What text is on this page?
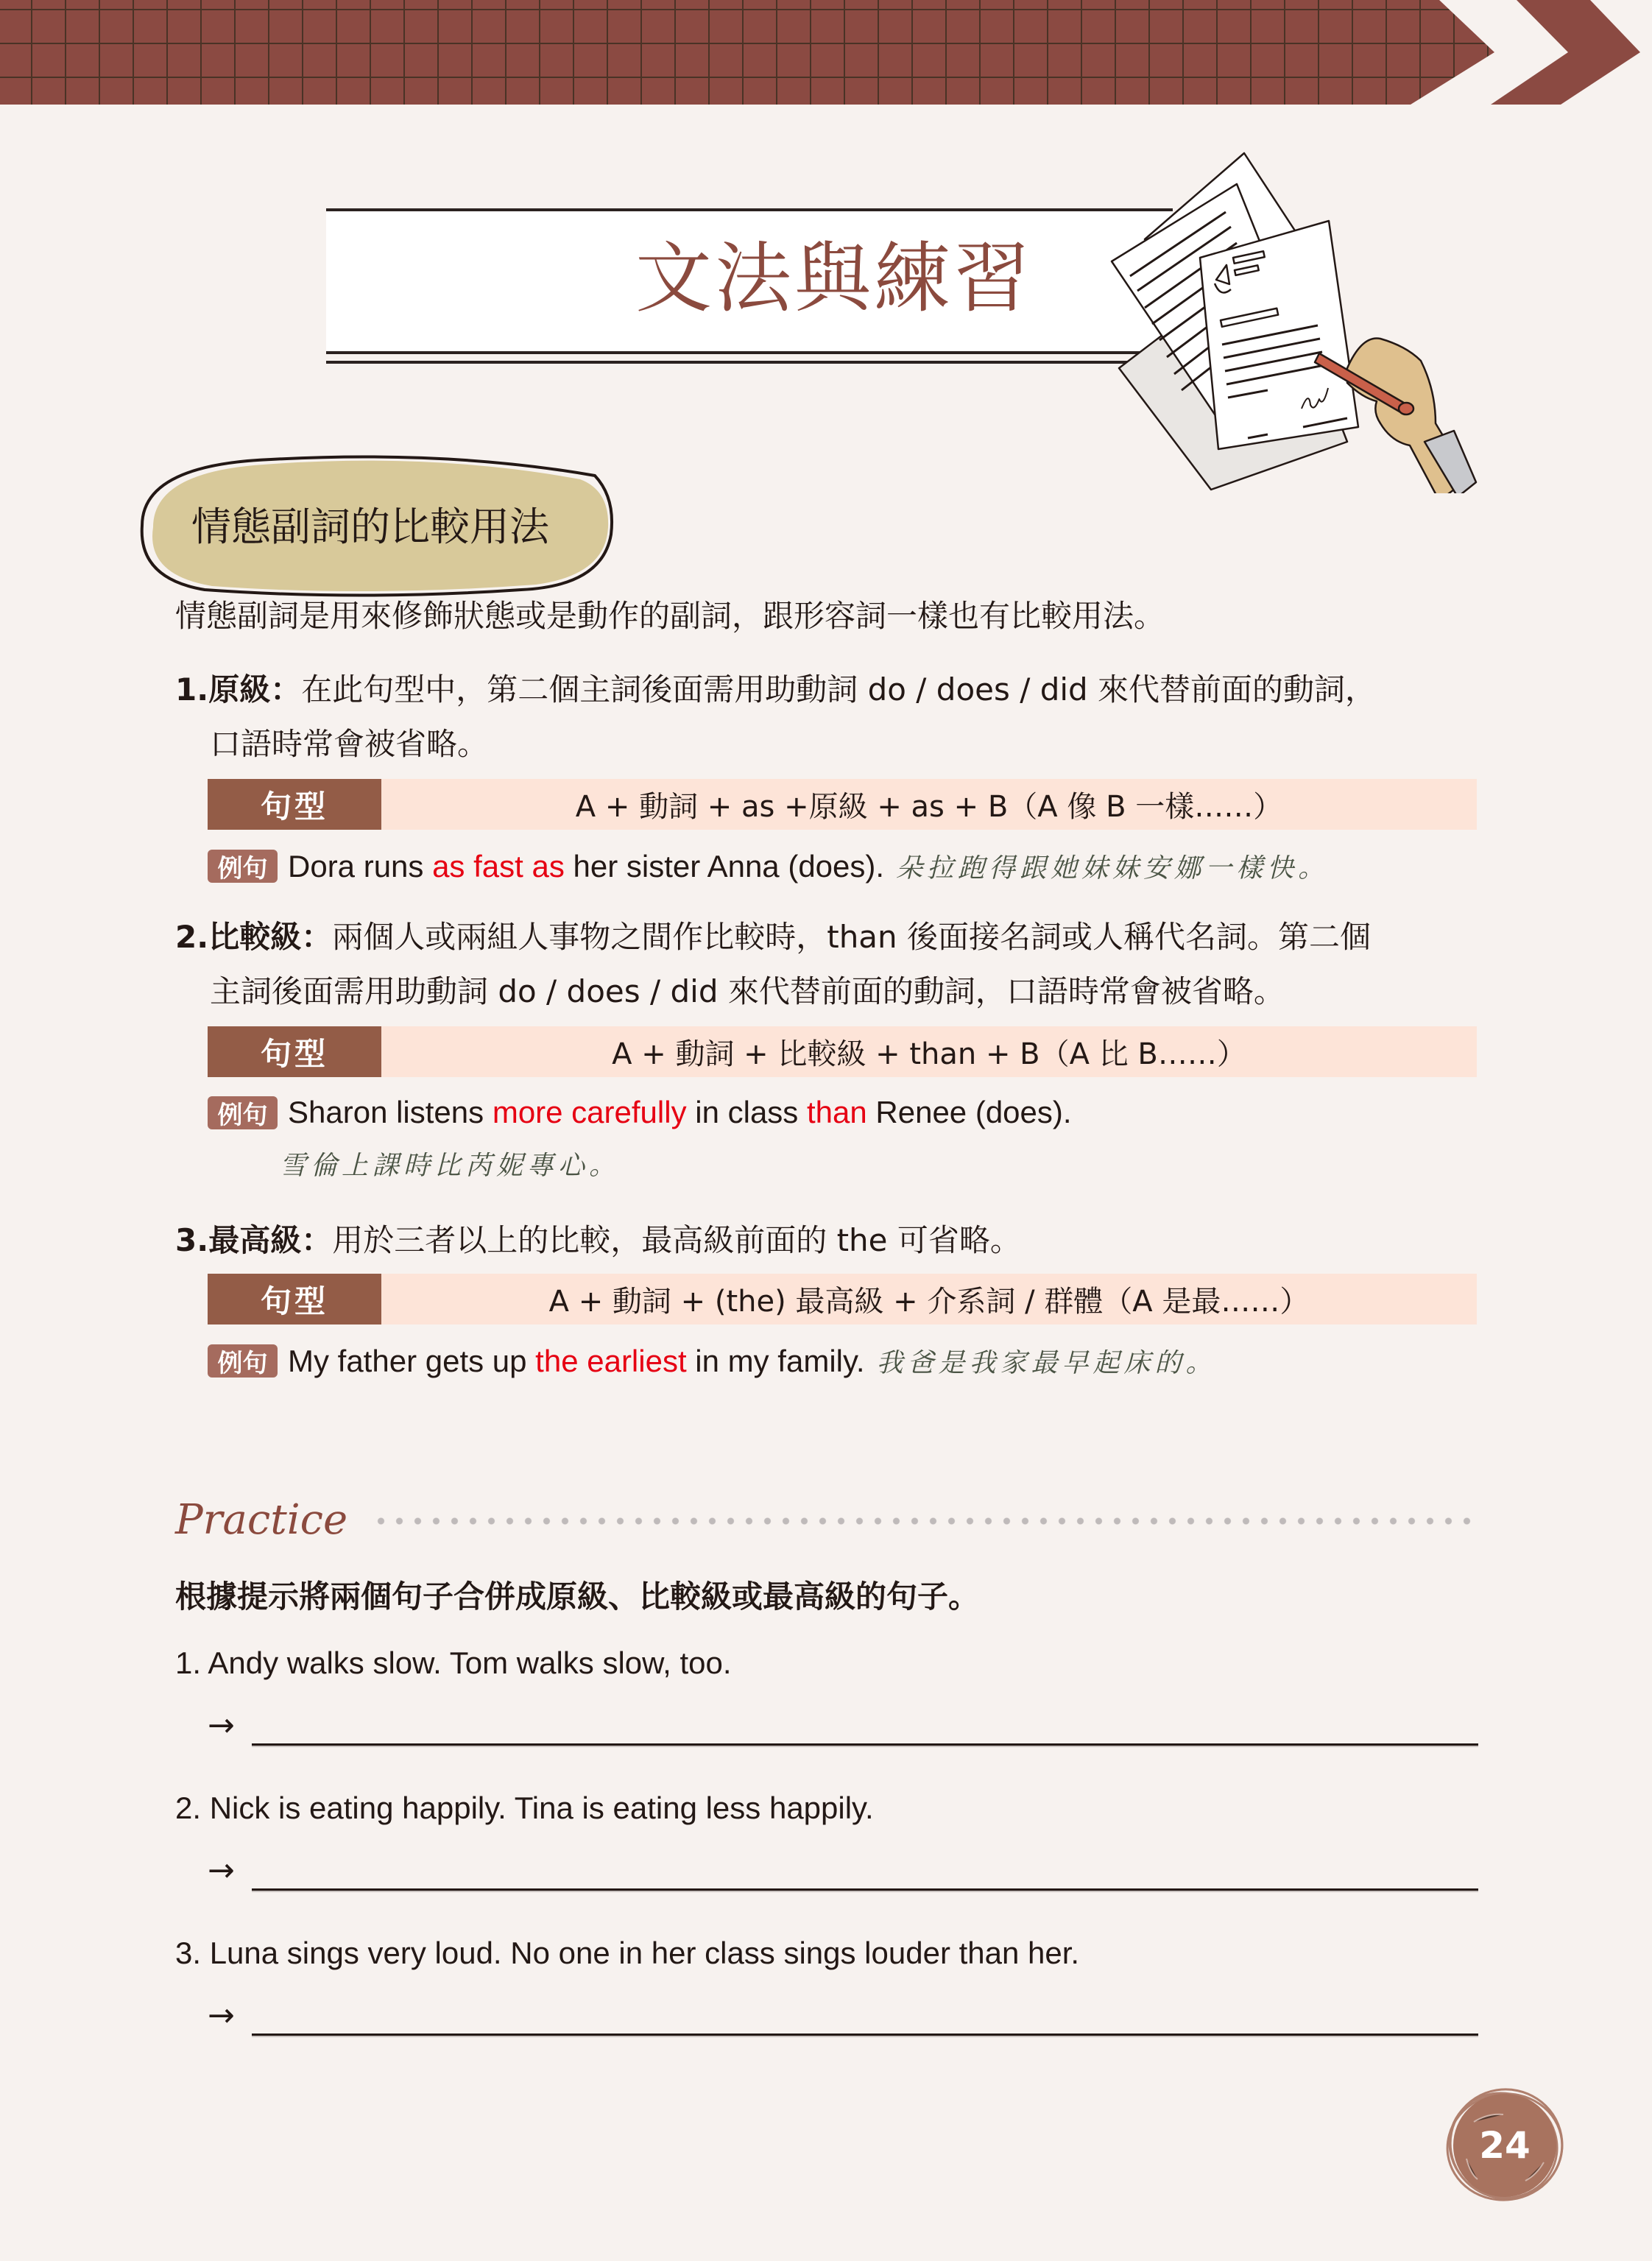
文法與練習
情態副詞的比較用法
情態副詞是用來修飾狀態或是動作的副詞，跟形容詞一樣也有比較用法。
1.原級：在此句型中，第二個主詞後面需用助動詞 do / does / did 來代替前面的動詞，
口語時常會被省略。
句型	A + 動詞 + as +原級 + as + B（A 像 B 一樣……）
例句 Dora runs as fast as her sister Anna (does). 朵拉跑得跟她妹妹安娜一樣快。
2.比較級：兩個人或兩組人事物之間作比較時，than 後面接名詞或人稱代名詞。第二個
主詞後面需用助動詞 do / does / did 來代替前面的動詞，口語時常會被省略。
句型	A + 動詞 + 比較級 + than + B（A 比 B……）
例句 Sharon listens more carefully in class than Renee (does).
雪倫上課時比芮妮專心。
3.最高級：用於三者以上的比較，最高級前面的 the 可省略。
句型	A + 動詞 + (the) 最高級 + 介系詞 / 群體（A 是最……）
例句 My father gets up the earliest in my family. 我爸是我家最早起床的。
Practice
根據提示將兩個句子合併成原級、比較級或最高級的句子。
1. Andy walks slow. Tom walks slow, too.
→
2. Nick is eating happily. Tina is eating less happily.
→
3. Luna sings very loud. No one in her class sings louder than her.
→
24
